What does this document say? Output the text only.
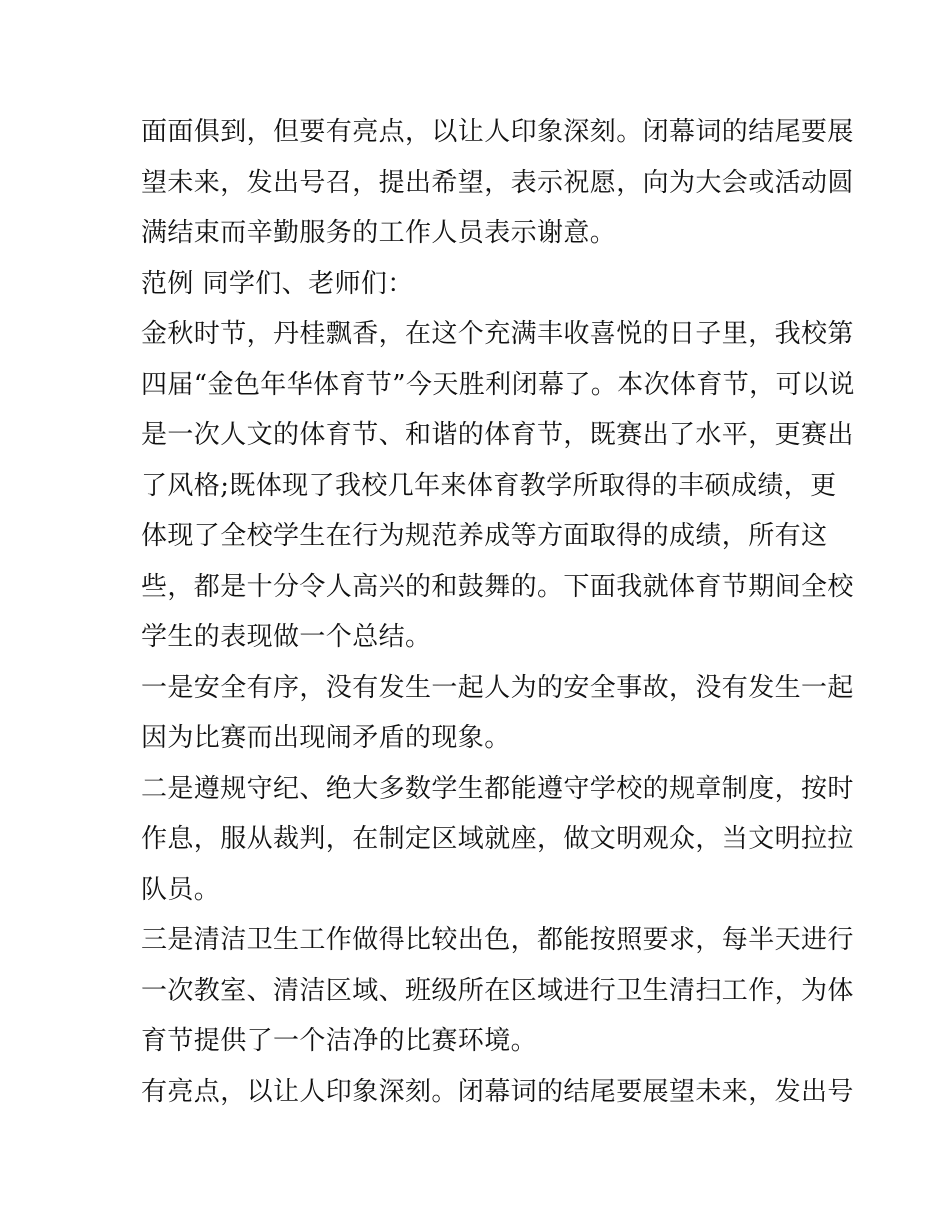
面面俱到，但要有亮点，以让人印象深刻。闭幕词的结尾要展
望未来，发出号召，提出希望，表示祝愿，向为大会或活动圆
满结束而辛勤服务的工作人员表示谢意。

范例 同学们、老师们：

金秋时节，丹桂飘香，在这个充满丰收喜悦的日子里，我校第
四届“金色年华体育节”今天胜利闭幕了。本次体育节，可以说
是一次人文的体育节、和谐的体育节，既赛出了水平，更赛出
了风格;既体现了我校几年来体育教学所取得的丰硕成绩，更
体现了全校学生在行为规范养成等方面取得的成绩，所有这
些，都是十分令人高兴的和鼓舞的。下面我就体育节期间全校
学生的表现做一个总结。

一是安全有序，没有发生一起人为的安全事故，没有发生一起
因为比赛而出现闹矛盾的现象。

二是遵规守纪、绝大多数学生都能遵守学校的规章制度，按时
作息，服从裁判，在制定区域就座，做文明观众，当文明拉拉
队员。

三是清洁卫生工作做得比较出色，都能按照要求，每半天进行
一次教室、清洁区域、班级所在区域进行卫生清扫工作，为体
育节提供了一个洁净的比赛环境。

有亮点，以让人印象深刻。闭幕词的结尾要展望未来，发出号
